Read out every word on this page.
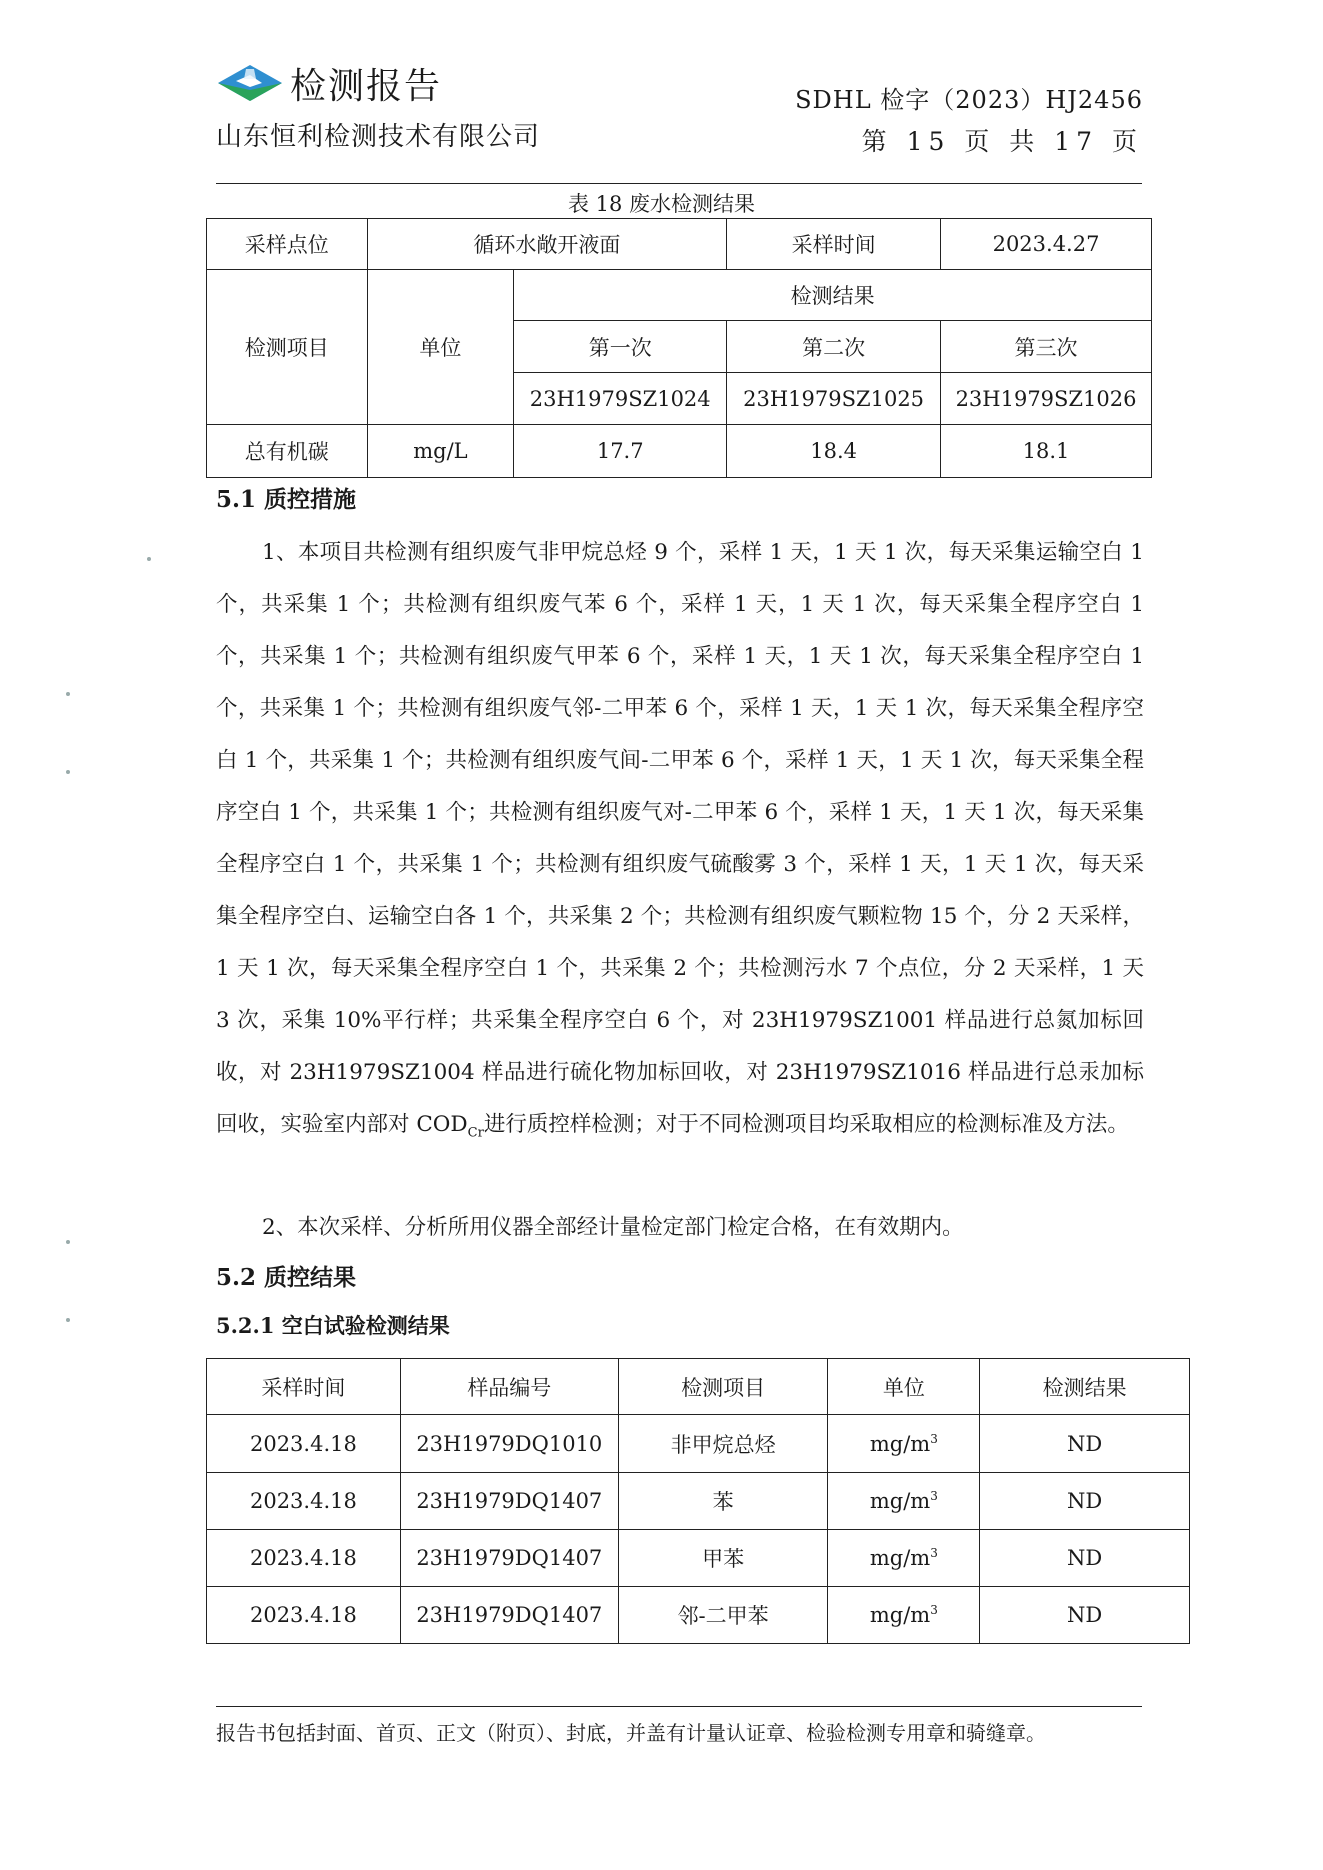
检测报告
山东恒利检测技术有限公司
SDHL 检字（2023）HJ2456
第 15 页 共 17 页
表 18 废水检测结果
采样点位	循环水敞开液面		采样时间	2023.4.27
检测项目	单位	检测结果		
		第一次	第二次	第三次
		23H1979SZ1024	23H1979SZ1025	23H1979SZ1026
总有机碳	mg/L	17.7	18.4	18.1
5.1 质控措施

1、本项目共检测有组织废气非甲烷总烃 9 个，采样 1 天，1 天 1 次，每天采集运输空白 1 个，共采集 1 个；共检测有组织废气苯 6 个，采样 1 天，1 天 1 次，每天采集全程序空白 1 个，共采集 1 个；共检测有组织废气甲苯 6 个，采样 1 天，1 天 1 次，每天采集全程序空白 1 个，共采集 1 个；共检测有组织废气邻-二甲苯 6 个，采样 1 天，1 天 1 次，每天采集全程序空白 1 个，共采集 1 个；共检测有组织废气间-二甲苯 6 个，采样 1 天，1 天 1 次，每天采集全程序空白 1 个，共采集 1 个；共检测有组织废气对-二甲苯 6 个，采样 1 天，1 天 1 次，每天采集全程序空白 1 个，共采集 1 个；共检测有组织废气硫酸雾 3 个，采样 1 天，1 天 1 次，每天采集全程序空白、运输空白各 1 个，共采集 2 个；共检测有组织废气颗粒物 15 个，分 2 天采样，1 天 1 次，每天采集全程序空白 1 个，共采集 2 个；共检测污水 7 个点位，分 2 天采样，1 天 3 次，采集 10%平行样；共采集全程序空白 6 个，对 23H1979SZ1001 样品进行总氮加标回收，对 23H1979SZ1004 样品进行硫化物加标回收，对 23H1979SZ1016 样品进行总汞加标回收，实验室内部对 $COD_{Cr}$进行质控样检测；对于不同检测项目均采取相应的检测标准及方法。

2、本次采样、分析所用仪器全部经计量检定部门检定合格，在有效期内。

5.2 质控结果
5.2.1 空白试验检测结果
采样时间	样品编号	检测项目	单位	检测结果
2023.4.18	23H1979DQ1010	非甲烷总烃	$mg/m^3$	ND
2023.4.18	23H1979DQ1407	苯	$mg/m^3$	ND
2023.4.18	23H1979DQ1407	甲苯	$mg/m^3$	ND
2023.4.18	23H1979DQ1407	邻-二甲苯	$mg/m^3$	ND
报告书包括封面、首页、正文（附页）、封底，并盖有计量认证章、检验检测专用章和骑缝章。
